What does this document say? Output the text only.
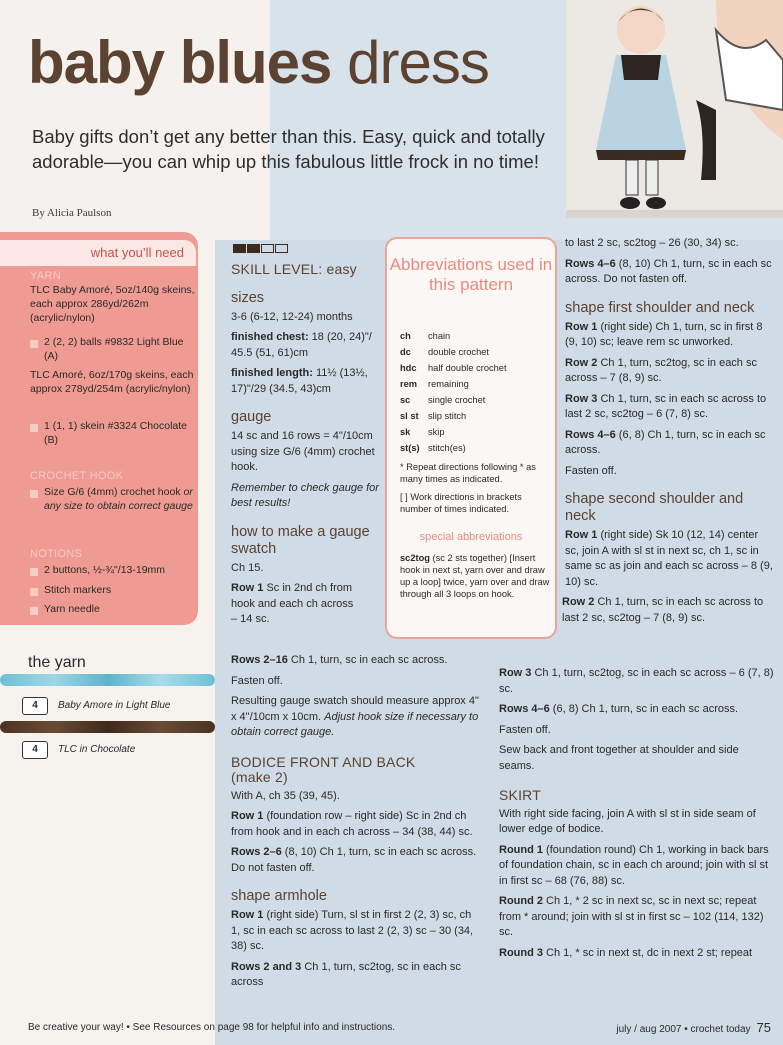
baby blues dress
Baby gifts don’t get any better than this. Easy, quick and totally adorable—you can whip up this fabulous little frock in no time!
By Alicia Paulson
what you’ll need
YARN
TLC Baby Amoré, 5oz/140g skeins, each approx 286yd/262m (acrylic/nylon)
2 (2, 2) balls #9832 Light Blue (A)
TLC Amoré, 6oz/170g skeins, each approx 278yd/254m (acrylic/nylon)
1 (1, 1) skein #3324 Chocolate (B)
CROCHET HOOK
Size G/6 (4mm) crochet hook or any size to obtain correct gauge
NOTIONS
2 buttons, ½-¾"/13-19mm
Stitch markers
Yarn needle
the yarn
4	Baby Amore in Light Blue
4	TLC in Chocolate
SKILL LEVEL: easy
sizes
3-6 (6-12, 12-24) months
finished chest: 18 (20, 24)"/ 45.5 (51, 61)cm
finished length: 11½ (13½, 17)"/29 (34.5, 43)cm
gauge
14 sc and 16 rows = 4"/10cm using size G/6 (4mm) crochet hook.
Remember to check gauge for best results!
how to make a gauge swatch
Ch 15.
Row 1 Sc in 2nd ch from hook and each ch across – 14 sc.
Rows 2–16 Ch 1, turn, sc in each sc across.
Fasten off.
Resulting gauge swatch should measure approx 4" x 4"/10cm x 10cm. Adjust hook size if necessary to obtain correct gauge.
BODICE FRONT AND BACK (make 2)
With A, ch 35 (39, 45).
Row 1 (foundation row – right side) Sc in 2nd ch from hook and in each ch across – 34 (38, 44) sc.
Rows 2–6 (8, 10) Ch 1, turn, sc in each sc across. Do not fasten off.
shape armhole
Row 1 (right side) Turn, sl st in first 2 (2, 3) sc, ch 1, sc in each sc across to last 2 (2, 3) sc – 30 (34, 38) sc.
Rows 2 and 3 Ch 1, turn, sc2tog, sc in each sc across
Abbreviations used in this pattern
ch chain
dc double crochet
hdc half double crochet
rem remaining
sc single crochet
sl st slip stitch
sk skip
st(s) stitch(es)
* Repeat directions following * as many times as indicated.
[ ] Work directions in brackets number of times indicated.
special abbreviations
sc2tog (sc 2 sts together) [Insert hook in next st, yarn over and draw up a loop] twice, yarn over and draw through all 3 loops on hook.
to last 2 sc, sc2tog – 26 (30, 34) sc.
Rows 4–6 (8, 10) Ch 1, turn, sc in each sc across. Do not fasten off.
shape first shoulder and neck
Row 1 (right side) Ch 1, turn, sc in first 8 (9, 10) sc; leave rem sc unworked.
Row 2 Ch 1, turn, sc2tog, sc in each sc across – 7 (8, 9) sc.
Row 3 Ch 1, turn, sc in each sc across to last 2 sc, sc2tog – 6 (7, 8) sc.
Rows 4–6 (6, 8) Ch 1, turn, sc in each sc across.
Fasten off.
shape second shoulder and neck
Row 1 (right side) Sk 10 (12, 14) center sc, join A with sl st in next sc, ch 1, sc in same sc as join and each sc across – 8 (9, 10) sc.
Row 2 Ch 1, turn, sc in each sc across to last 2 sc, sc2tog – 7 (8, 9) sc.
Row 3 Ch 1, turn, sc2tog, sc in each sc across – 6 (7, 8) sc.
Rows 4–6 (6, 8) Ch 1, turn, sc in each sc across.
Fasten off.
Sew back and front together at shoulder and side seams.
SKIRT
With right side facing, join A with sl st in side seam of lower edge of bodice.
Round 1 (foundation round) Ch 1, working in back bars of foundation chain, sc in each ch around; join with sl st in first sc – 68 (76, 88) sc.
Round 2 Ch 1, * 2 sc in next sc, sc in next sc; repeat from * around; join with sl st in first sc – 102 (114, 132) sc.
Round 3 Ch 1, * sc in next st, dc in next 2 st; repeat
Be creative your way! • See Resources on page 98 for helpful info and instructions.	july / aug 2007 • crochet today 75
